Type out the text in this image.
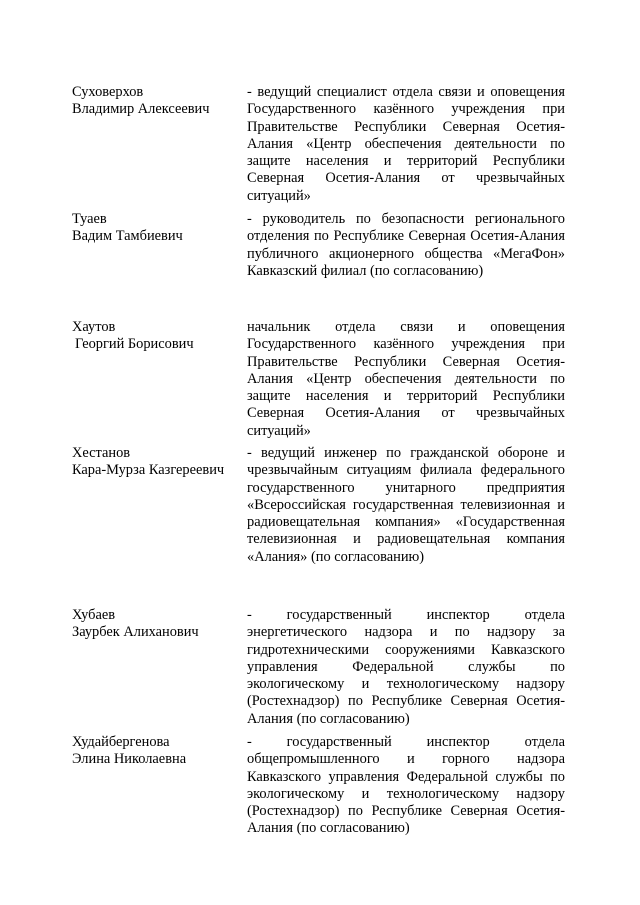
Суховерхов
Владимир Алексеевич
- ведущий специалист отдела связи и оповещения Государственного казённого учреждения при Правительстве Республики Северная Осетия-Алания «Центр обеспечения деятельности по защите населения и территорий Республики Северная Осетия-Алания от чрезвычайных ситуаций»
Туаев
Вадим Тамбиевич
- руководитель по безопасности регионального отделения по Республике Северная Осетия-Алания публичного акционерного общества «МегаФон» Кавказский филиал (по согласованию)
Хаутов
Георгий Борисович
начальник отдела связи и оповещения Государственного казённого учреждения при Правительстве Республики Северная Осетия-Алания «Центр обеспечения деятельности по защите населения и территорий Республики Северная Осетия-Алания от чрезвычайных ситуаций»
Хестанов
Кара-Мурза Казгереевич
- ведущий инженер по гражданской обороне и чрезвычайным ситуациям филиала федерального государственного унитарного предприятия «Всероссийская государственная телевизионная и радиовещательная компания» «Государственная телевизионная и радиовещательная компания «Алания» (по согласованию)
Хубаев
Заурбек Алиханович
- государственный инспектор отдела энергетического надзора и по надзору за гидротехническими сооружениями Кавказского управления Федеральной службы по экологическому и технологическому надзору (Ростехнадзор) по Республике Северная Осетия-Алания (по согласованию)
Худайбергенова
Элина Николаевна
- государственный инспектор отдела общепромышленного и горного надзора Кавказского управления Федеральной службы по экологическому и технологическому надзору (Ростехнадзор) по Республике Северная Осетия-Алания (по согласованию)
